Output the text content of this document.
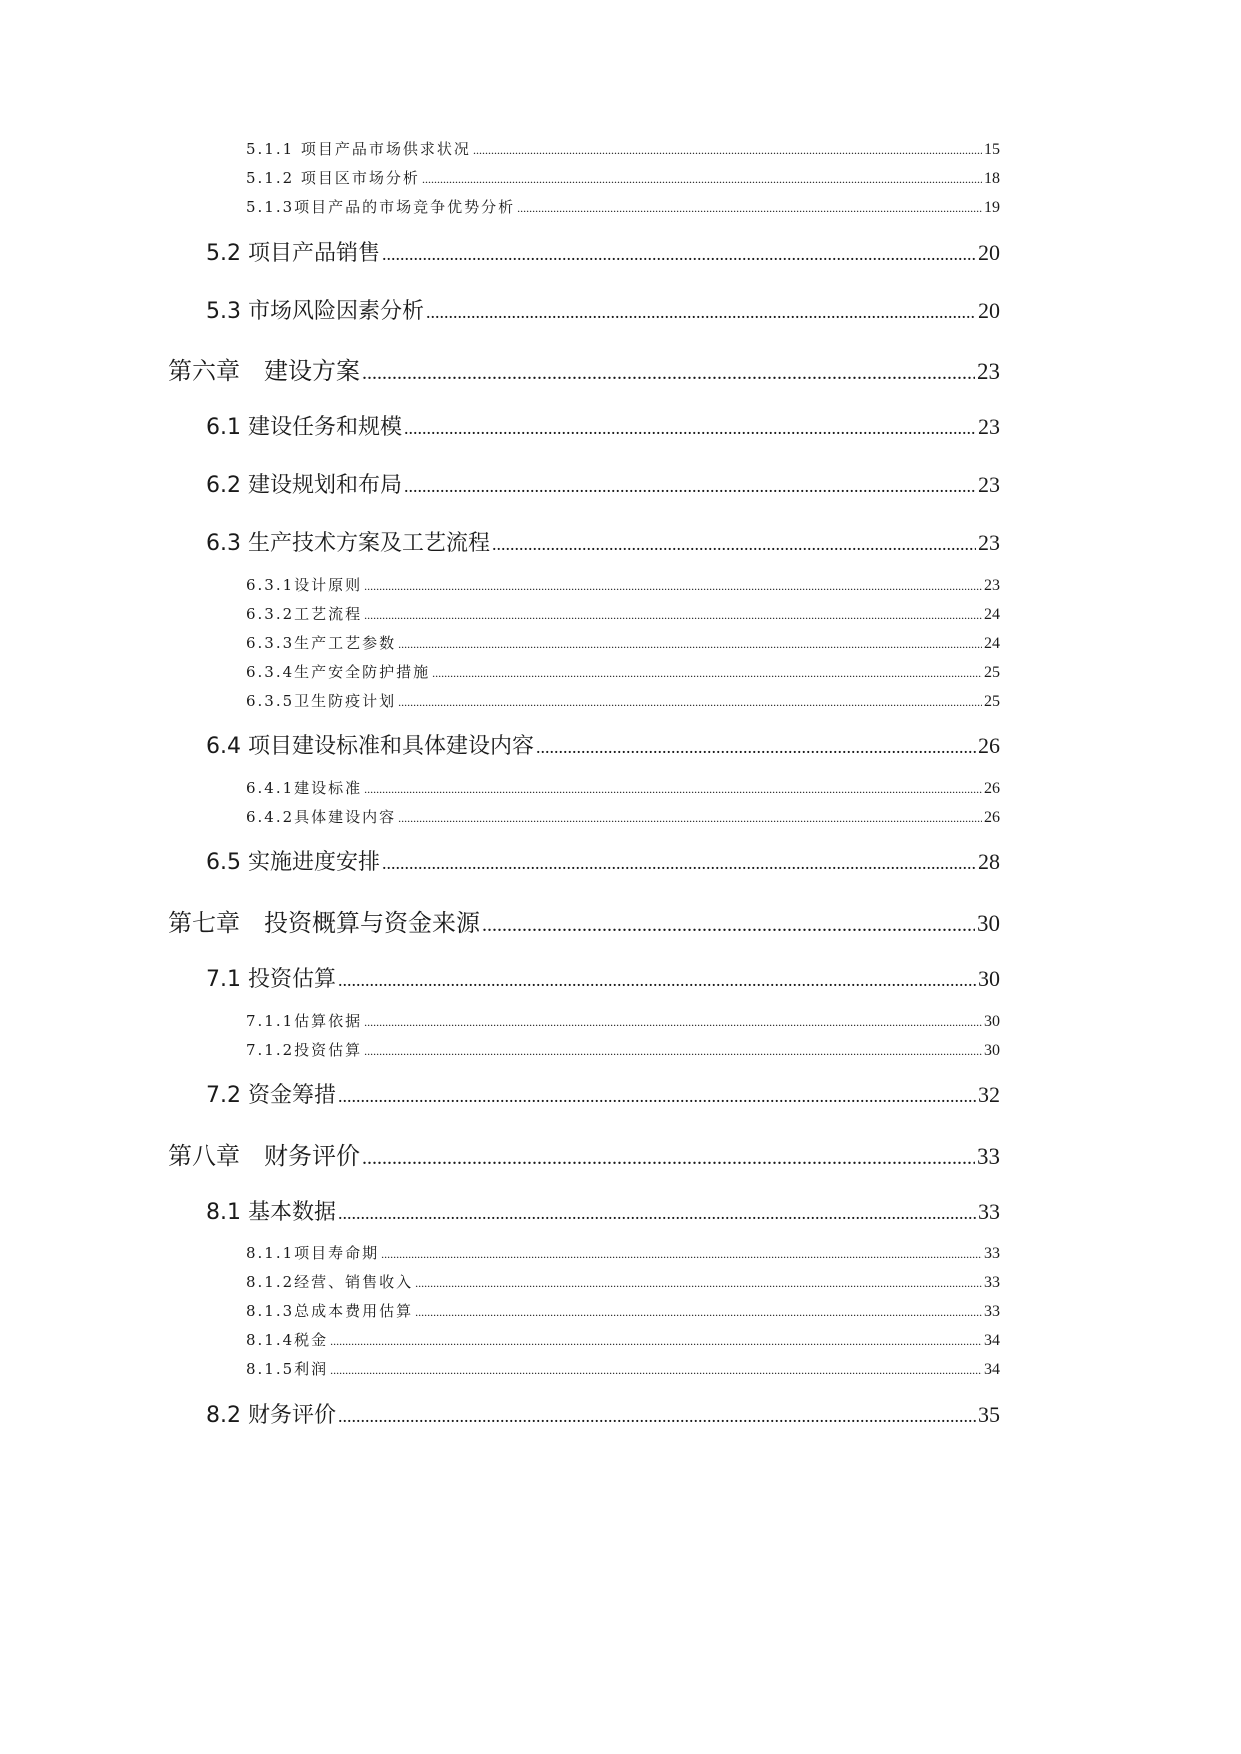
5.1.1 项目产品市场供求状况 .....	15
5.1.2 项目区市场分析 .....	18
5.1.3项目产品的市场竞争优势分析 .....	19
5.2 项目产品销售 .....	20
5.3 市场风险因素分析 .....	20
第六章　建设方案 .....	23
6.1 建设任务和规模 .....	23
6.2 建设规划和布局 .....	23
6.3 生产技术方案及工艺流程 .....	23
6.3.1设计原则 .....	23
6.3.2工艺流程 .....	24
6.3.3生产工艺参数 .....	24
6.3.4生产安全防护措施 .....	25
6.3.5卫生防疫计划 .....	25
6.4 项目建设标准和具体建设内容 .....	26
6.4.1建设标准 .....	26
6.4.2具体建设内容 .....	26
6.5 实施进度安排 .....	28
第七章　投资概算与资金来源 .....	30
7.1 投资估算 .....	30
7.1.1估算依据 .....	30
7.1.2投资估算 .....	30
7.2 资金筹措 .....	32
第八章　财务评价 .....	33
8.1 基本数据 .....	33
8.1.1项目寿命期 .....	33
8.1.2经营、销售收入 .....	33
8.1.3总成本费用估算 .....	33
8.1.4税金 .....	34
8.1.5利润 .....	34
8.2 财务评价 .....	35
